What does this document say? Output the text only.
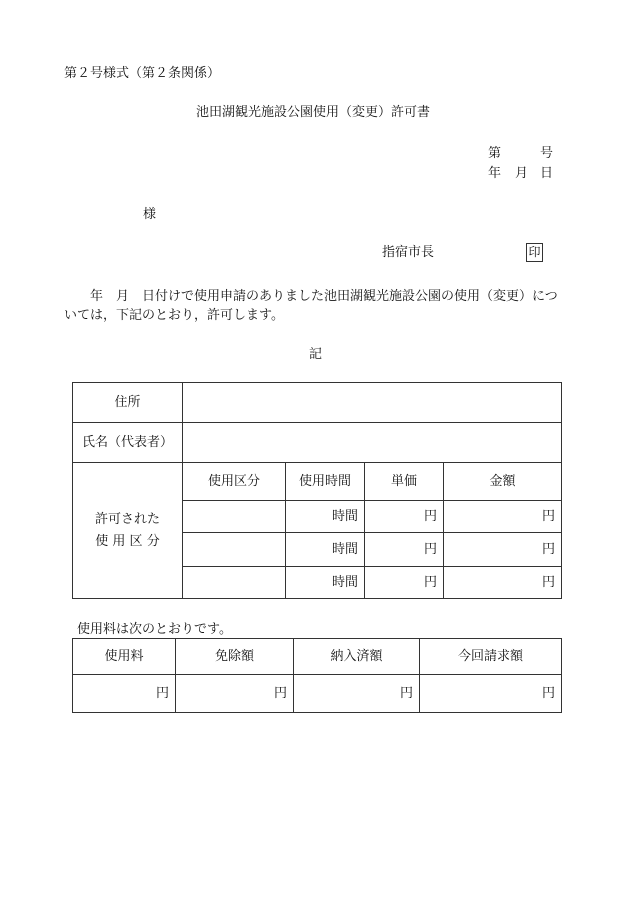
第２号様式（第２条関係）
池田湖観光施設公園使用（変更）許可書
第	号
年 月 日
様
指宿市長	印
年　月　日付けで使用申請のありました池田湖観光施設公園の使用（変更）につ
いては，下記のとおり，許可します。
記
住所				
氏名（代表者）				

許可された
使 用 区 分	使用区分	使用時間	単価	金額
		時間	円	円
		時間	円	円
		時間	円	円
使用料は次のとおりです。
使用料	免除額	納入済額	今回請求額
円	円	円	円
